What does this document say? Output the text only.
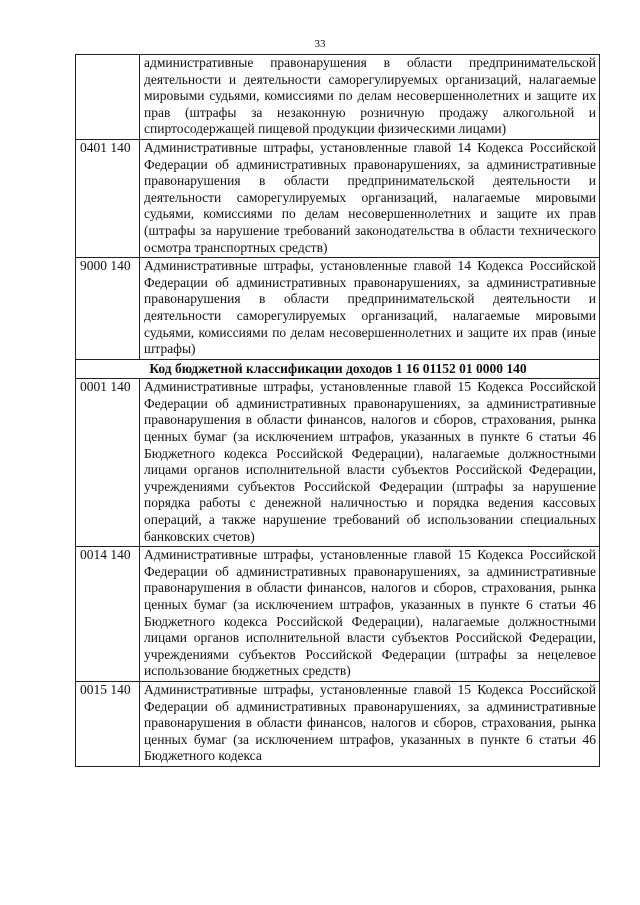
33
	административные правонарушения в области предпринимательской деятельности и деятельности саморегулируемых организаций, налагаемые мировыми судьями, комиссиями по делам несовершеннолетних и защите их прав (штрафы за незаконную розничную продажу алкогольной и спиртосодержащей пищевой продукции физическими лицами)
0401 140	Административные штрафы, установленные главой 14 Кодекса Российской Федерации об административных правонарушениях, за административные правонарушения в области предпринимательской деятельности и деятельности саморегулируемых организаций, налагаемые мировыми судьями, комиссиями по делам несовершеннолетних и защите их прав (штрафы за нарушение требований законодательства в области технического осмотра транспортных средств)
9000 140	Административные штрафы, установленные главой 14 Кодекса Российской Федерации об административных правонарушениях, за административные правонарушения в области предпринимательской деятельности и деятельности саморегулируемых организаций, налагаемые мировыми судьями, комиссиями по делам несовершеннолетних и защите их прав (иные штрафы)
Код бюджетной классификации доходов 1 16 01152 01 0000 140	
0001 140	Административные штрафы, установленные главой 15 Кодекса Российской Федерации об административных правонарушениях, за административные правонарушения в области финансов, налогов и сборов, страхования, рынка ценных бумаг (за исключением штрафов, указанных в пункте 6 статьи 46 Бюджетного кодекса Российской Федерации), налагаемые должностными лицами органов исполнительной власти субъектов Российской Федерации, учреждениями субъектов Российской Федерации (штрафы за нарушение порядка работы с денежной наличностью и порядка ведения кассовых операций, а также нарушение требований об использовании специальных банковских счетов)
0014 140	Административные штрафы, установленные главой 15 Кодекса Российской Федерации об административных правонарушениях, за административные правонарушения в области финансов, налогов и сборов, страхования, рынка ценных бумаг (за исключением штрафов, указанных в пункте 6 статьи 46 Бюджетного кодекса Российской Федерации), налагаемые должностными лицами органов исполнительной власти субъектов Российской Федерации, учреждениями субъектов Российской Федерации (штрафы за нецелевое использование бюджетных средств)
0015 140	Административные штрафы, установленные главой 15 Кодекса Российской Федерации об административных правонарушениях, за административные правонарушения в области финансов, налогов и сборов, страхования, рынка ценных бумаг (за исключением штрафов, указанных в пункте 6 статьи 46 Бюджетного кодекса
